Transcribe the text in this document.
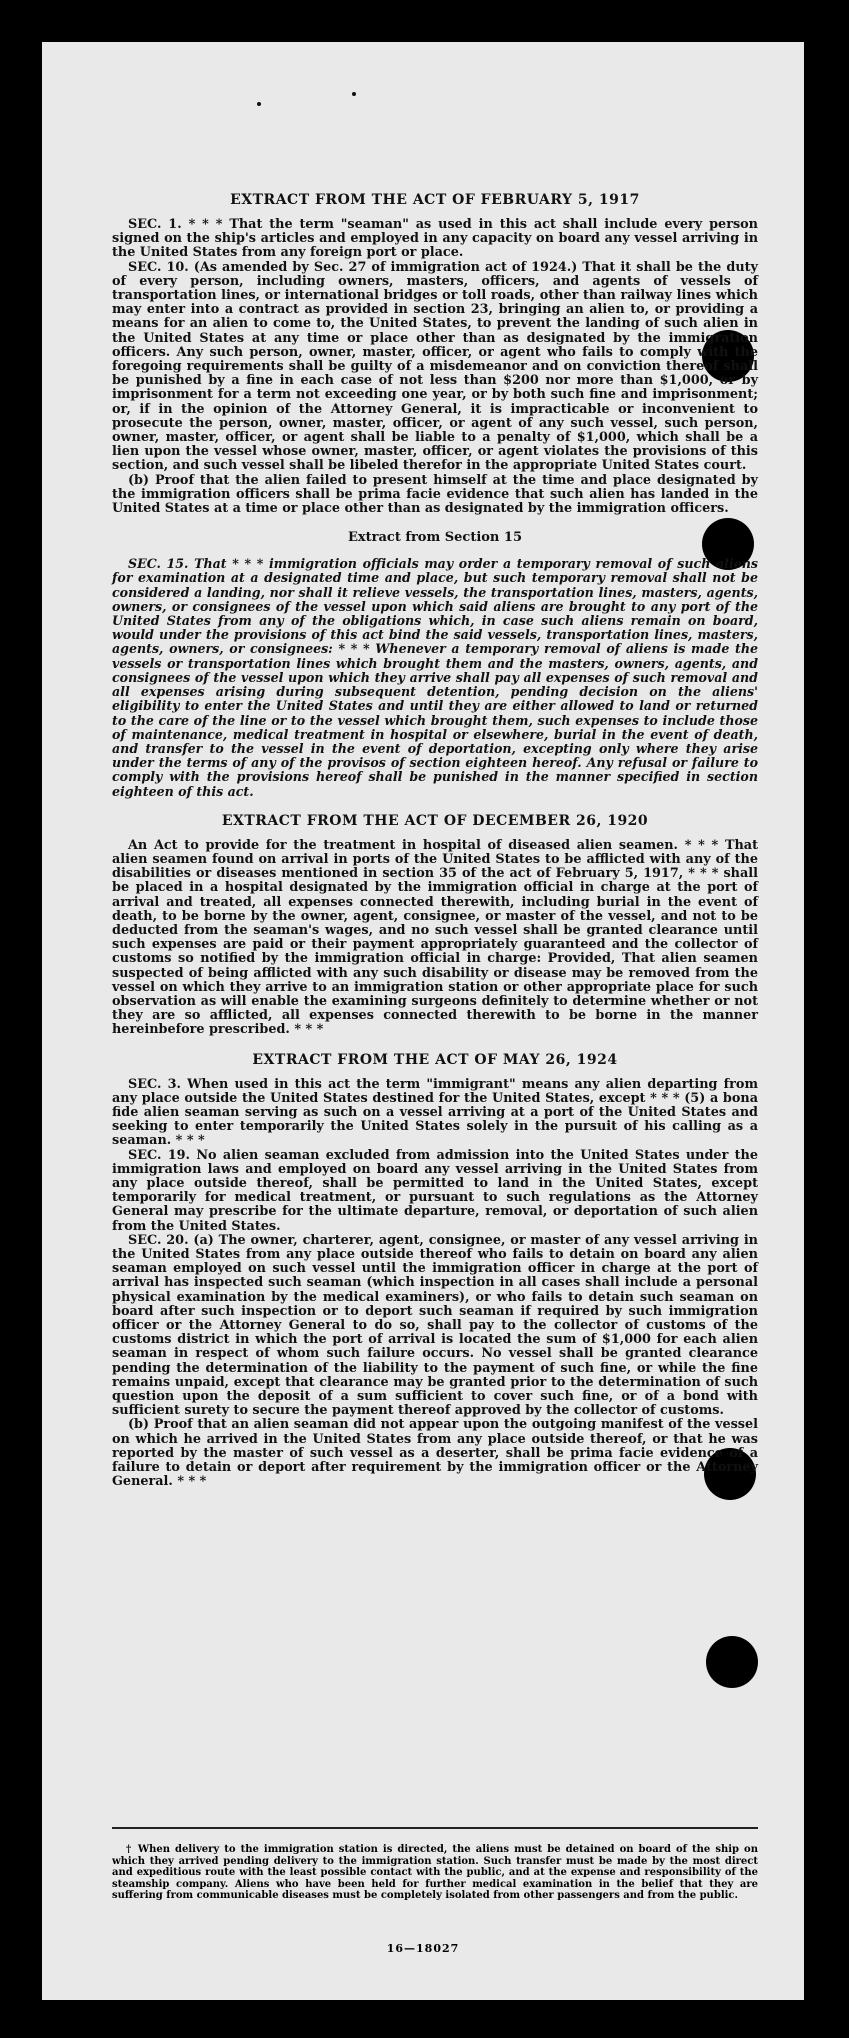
EXTRACT FROM THE ACT OF FEBRUARY 5, 1917

SEC. 1. * * * That the term "seaman" as used in this act shall include every person signed on the ship's articles and employed in any capacity on board any vessel arriving in the United States from any foreign port or place.

SEC. 10. (As amended by Sec. 27 of immigration act of 1924.) That it shall be the duty of every person, including owners, masters, officers, and agents of vessels of transportation lines, or international bridges or toll roads, other than railway lines which may enter into a contract as provided in section 23, bringing an alien to, or providing a means for an alien to come to, the United States, to prevent the landing of such alien in the United States at any time or place other than as designated by the immigration officers. Any such person, owner, master, officer, or agent who fails to comply with the foregoing requirements shall be guilty of a misdemeanor and on conviction thereof shall be punished by a fine in each case of not less than $200 nor more than $1,000, or by imprisonment for a term not exceeding one year, or by both such fine and imprisonment; or, if in the opinion of the Attorney General, it is impracticable or inconvenient to prosecute the person, owner, master, officer, or agent of any such vessel, such person, owner, master, officer, or agent shall be liable to a penalty of $1,000, which shall be a lien upon the vessel whose owner, master, officer, or agent violates the provisions of this section, and such vessel shall be libeled therefor in the appropriate United States court.

(b) Proof that the alien failed to present himself at the time and place designated by the immigration officers shall be prima facie evidence that such alien has landed in the United States at a time or place other than as designated by the immigration officers.

Extract from Section 15

SEC. 15. That * * * immigration officials may order a temporary removal of such aliens for examination at a designated time and place, but such temporary removal shall not be considered a landing, nor shall it relieve vessels, the transportation lines, masters, agents, owners, or consignees of the vessel upon which said aliens are brought to any port of the United States from any of the obligations which, in case such aliens remain on board, would under the provisions of this act bind the said vessels, transportation lines, masters, agents, owners, or consignees: * * * Whenever a temporary removal of aliens is made the vessels or transportation lines which brought them and the masters, owners, agents, and consignees of the vessel upon which they arrive shall pay all expenses of such removal and all expenses arising during subsequent detention, pending decision on the aliens' eligibility to enter the United States and until they are either allowed to land or returned to the care of the line or to the vessel which brought them, such expenses to include those of maintenance, medical treatment in hospital or elsewhere, burial in the event of death, and transfer to the vessel in the event of deportation, excepting only where they arise under the terms of any of the provisos of section eighteen hereof. Any refusal or failure to comply with the provisions hereof shall be punished in the manner specified in section eighteen of this act.

EXTRACT FROM THE ACT OF DECEMBER 26, 1920

An Act to provide for the treatment in hospital of diseased alien seamen. * * * That alien seamen found on arrival in ports of the United States to be afflicted with any of the disabilities or diseases mentioned in section 35 of the act of February 5, 1917, * * * shall be placed in a hospital designated by the immigration official in charge at the port of arrival and treated, all expenses connected therewith, including burial in the event of death, to be borne by the owner, agent, consignee, or master of the vessel, and not to be deducted from the seaman's wages, and no such vessel shall be granted clearance until such expenses are paid or their payment appropriately guaranteed and the collector of customs so notified by the immigration official in charge: Provided, That alien seamen suspected of being afflicted with any such disability or disease may be removed from the vessel on which they arrive to an immigration station or other appropriate place for such observation as will enable the examining surgeons definitely to determine whether or not they are so afflicted, all expenses connected therewith to be borne in the manner hereinbefore prescribed. * * *

EXTRACT FROM THE ACT OF MAY 26, 1924

SEC. 3. When used in this act the term "immigrant" means any alien departing from any place outside the United States destined for the United States, except * * * (5) a bona fide alien seaman serving as such on a vessel arriving at a port of the United States and seeking to enter temporarily the United States solely in the pursuit of his calling as a seaman. * * *

SEC. 19. No alien seaman excluded from admission into the United States under the immigration laws and employed on board any vessel arriving in the United States from any place outside thereof, shall be permitted to land in the United States, except temporarily for medical treatment, or pursuant to such regulations as the Attorney General may prescribe for the ultimate departure, removal, or deportation of such alien from the United States.

SEC. 20. (a) The owner, charterer, agent, consignee, or master of any vessel arriving in the United States from any place outside thereof who fails to detain on board any alien seaman employed on such vessel until the immigration officer in charge at the port of arrival has inspected such seaman (which inspection in all cases shall include a personal physical examination by the medical examiners), or who fails to detain such seaman on board after such inspection or to deport such seaman if required by such immigration officer or the Attorney General to do so, shall pay to the collector of customs of the customs district in which the port of arrival is located the sum of $1,000 for each alien seaman in respect of whom such failure occurs. No vessel shall be granted clearance pending the determination of the liability to the payment of such fine, or while the fine remains unpaid, except that clearance may be granted prior to the determination of such question upon the deposit of a sum sufficient to cover such fine, or of a bond with sufficient surety to secure the payment thereof approved by the collector of customs.

(b) Proof that an alien seaman did not appear upon the outgoing manifest of the vessel on which he arrived in the United States from any place outside thereof, or that he was reported by the master of such vessel as a deserter, shall be prima facie evidence of a failure to detain or deport after requirement by the immigration officer or the Attorney General. * * *

† When delivery to the immigration station is directed, the aliens must be detained on board of the ship on which they arrived pending delivery to the immigration station. Such transfer must be made by the most direct and expeditious route with the least possible contact with the public, and at the expense and responsibility of the steamship company. Aliens who have been held for further medical examination in the belief that they are suffering from communicable diseases must be completely isolated from other passengers and from the public.
16—18027
